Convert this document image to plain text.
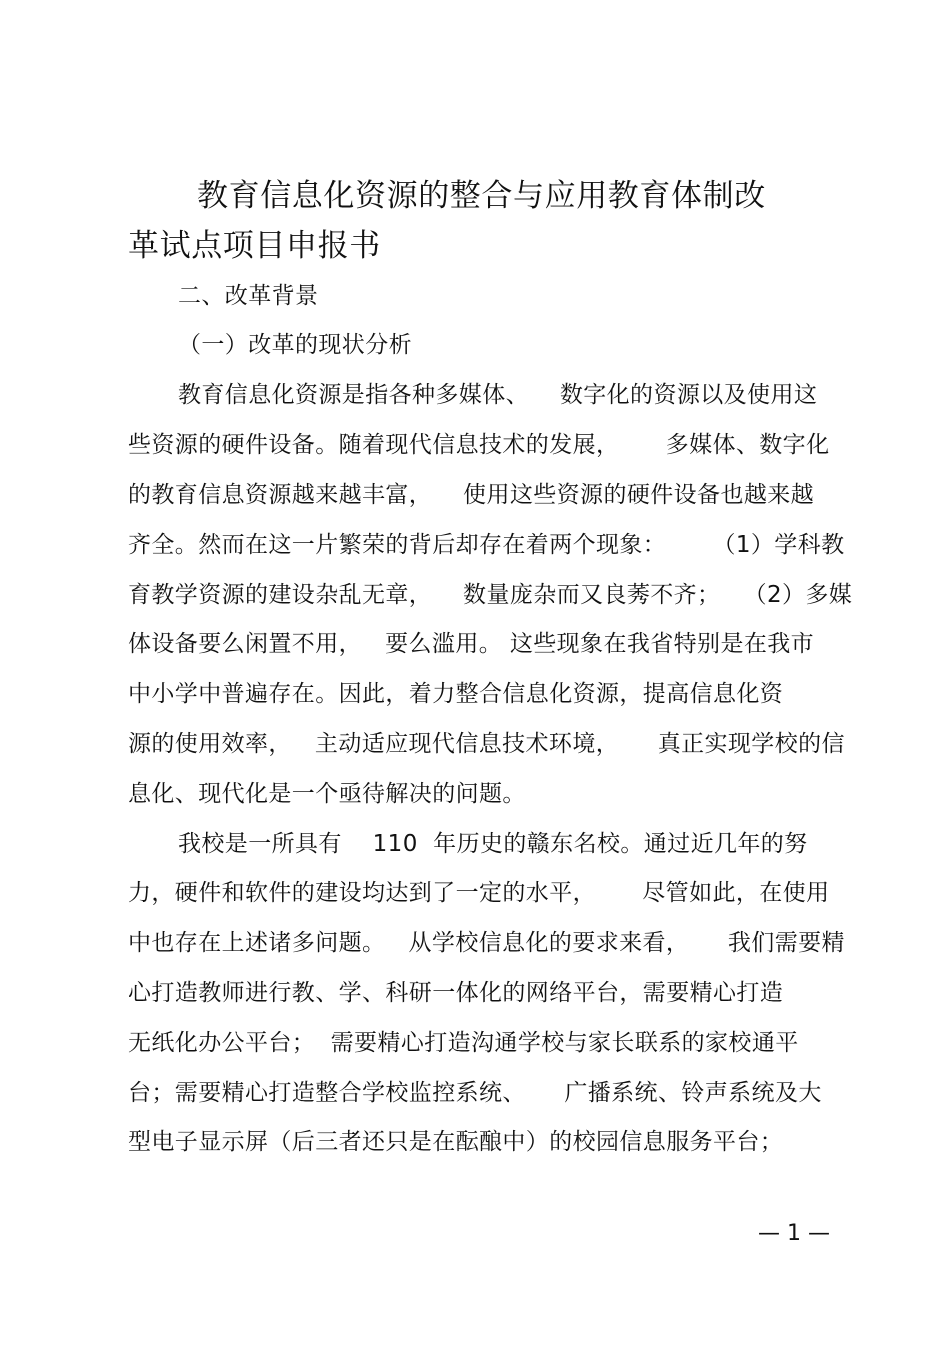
教育信息化资源的整合与应用教育体制改
革试点项目申报书
二、改革背景
（一）改革的现状分析
教育信息化资源是指各种多媒体、    数字化的资源以及使用这
些资源的硬件设备。随着现代信息技术的发展，      多媒体、数字化
的教育信息资源越来越丰富，    使用这些资源的硬件设备也越来越
齐全。然而在这一片繁荣的背后却存在着两个现象：      （1）学科教
育教学资源的建设杂乱无章，    数量庞杂而又良莠不齐；   （2）多媒
体设备要么闲置不用，   要么滥用。 这些现象在我省特别是在我市
中小学中普遍存在。因此，着力整合信息化资源，提高信息化资
源的使用效率，   主动适应现代信息技术环境，     真正实现学校的信
息化、现代化是一个亟待解决的问题。
我校是一所具有    110  年历史的赣东名校。通过近几年的努
力，硬件和软件的建设均达到了一定的水平，      尽管如此，在使用
中也存在上述诸多问题。   从学校信息化的要求来看，     我们需要精
心打造教师进行教、学、科研一体化的网络平台，需要精心打造
无纸化办公平台；  需要精心打造沟通学校与家长联系的家校通平
台；需要精心打造整合学校监控系统、     广播系统、铃声系统及大
型电子显示屏（后三者还只是在酝酿中）的校园信息服务平台；
— 1 —
